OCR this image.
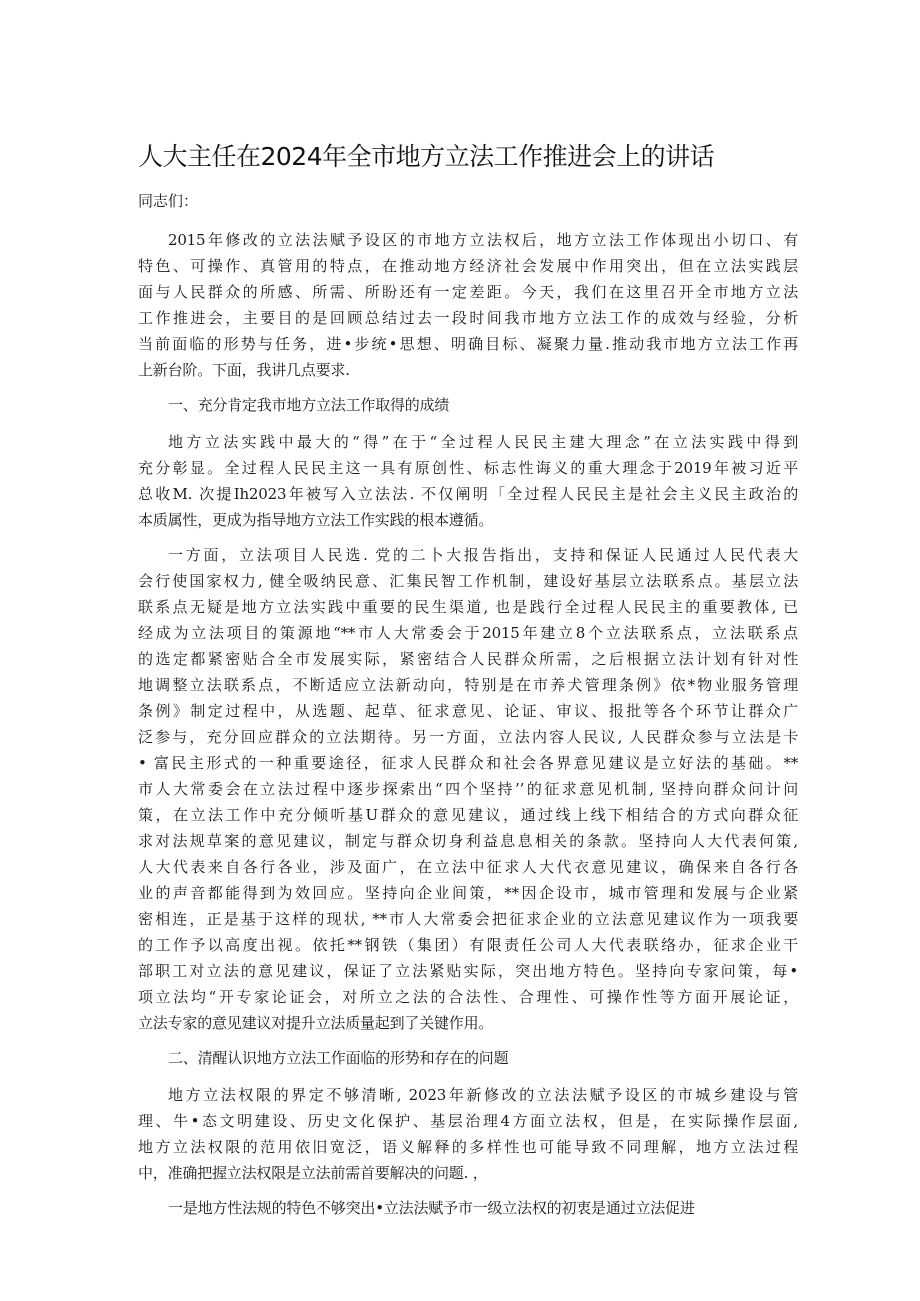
人大主任在2024年全市地方立法工作推进会上的讲话

同志们：

2015年修改的立法法赋予设区的市地方立法权后，地方立法工作体现出小切口、有
特色、可操作、真管用的特点，在推动地方经济社会发展中作用突出，但在立法实践层
面与人民群众的所感、所需、所盼还有一定差距。今天，我们在这里召开全市地方立法
工作推进会，主要目的是回顾总结过去一段时间我市地方立法工作的成效与经验，分析
当前面临的形势与任务，进•步统•思想、明确目标、凝聚力量.推动我市地方立法工作再
上新台阶。下面，我讲几点要求.

一、充分肯定我市地方立法工作取得的成绩

地方立法实践中最大的“得”在于“全过程人民民主建大理念”在立法实践中得到
充分彰显。全过程人民民主这一具有原创性、标志性诲义的重大理念于2019年被习近平
总收M. 次提Ih2023年被写入立法法. 不仅阐明「全过程人民民主是社会主义民主政治的
本质属性，更成为指导地方立法工作实践的根本遵循。
一方面，立法项目人民选. 党的二卜大报告指出，支持和保证人民通过人民代表大
会行使国家权力, 健全吸纳民意、汇集民智工作机制，建设好基层立法联系点。基层立法
联系点无疑是地方立法实践中重要的民生渠道, 也是践行全过程人民民主的重要教体, 已
经成为立法项目的策源地“**市人大常委会于2015年建立8个立法联系点，立法联系点
的选定都紧密贴合全市发展实际，紧密结合人民群众所需，之后根据立法计划有针对性
地调整立法联系点，不断适应立法新动向，特别是在市养犬管理条例》依*物业服务管理
条例》制定过程中，从选题、起草、征求意见、论证、审议、报批等各个环节让群众广
泛参与，充分回应群众的立法期待。另一方面，立法内容人民议, 人民群众参与立法是卡
• 富民主形式的一种重要途径，征求人民群众和社会各界意见建议是立好法的基础。**
市人大常委会在立法过程中逐步探索出“四个坚持’’的征求意见机制, 坚持向群众问计问
策，在立法工作中充分倾听基U群众的意见建议，通过线上线下相结合的方式向群众征
求对法规草案的意见建议，制定与群众切身利益息息相关的条款。坚持向人大代表何策,
人大代表来自各行各业，涉及面广，在立法中征求人大代衣意见建议，确保来自各行各
业的声音都能得到为效回应。坚持向企业间策，**因企设市，城市管理和发展与企业紧
密相连，正是基于这样的现状, **市人大常委会把征求企业的立法意见建议作为一项我要
的工作予以高度出视。依托**钢铁（集团）有限责任公司人大代表联络办，征求企业干
部职工对立法的意见建议，保证了立法紧贴实际，突出地方特色。坚持向专家问策，每•
项立法均“开专家论证会，对所立之法的合法性、合理性、可操作性等方面开展论证，
立法专家的意见建议对提升立法质量起到了关键作用。

二、清醒认识地方立法工作面临的形势和存在的问题

地方立法权限的界定不够清晰, 2023年新修改的立法法赋予设区的市城乡建设与管
理、牛•态文明建设、历史文化保护、基层治理4方面立法权，但是，在实际操作层面,
地方立法权限的范用依旧宽泛，语义解释的多样性也可能导致不同理解，地方立法过程
中，准确把握立法权限是立法前需首要解决的问题. ，
一是地方性法规的特色不够突出•立法法赋予市一级立法权的初衷是通过立法促进
